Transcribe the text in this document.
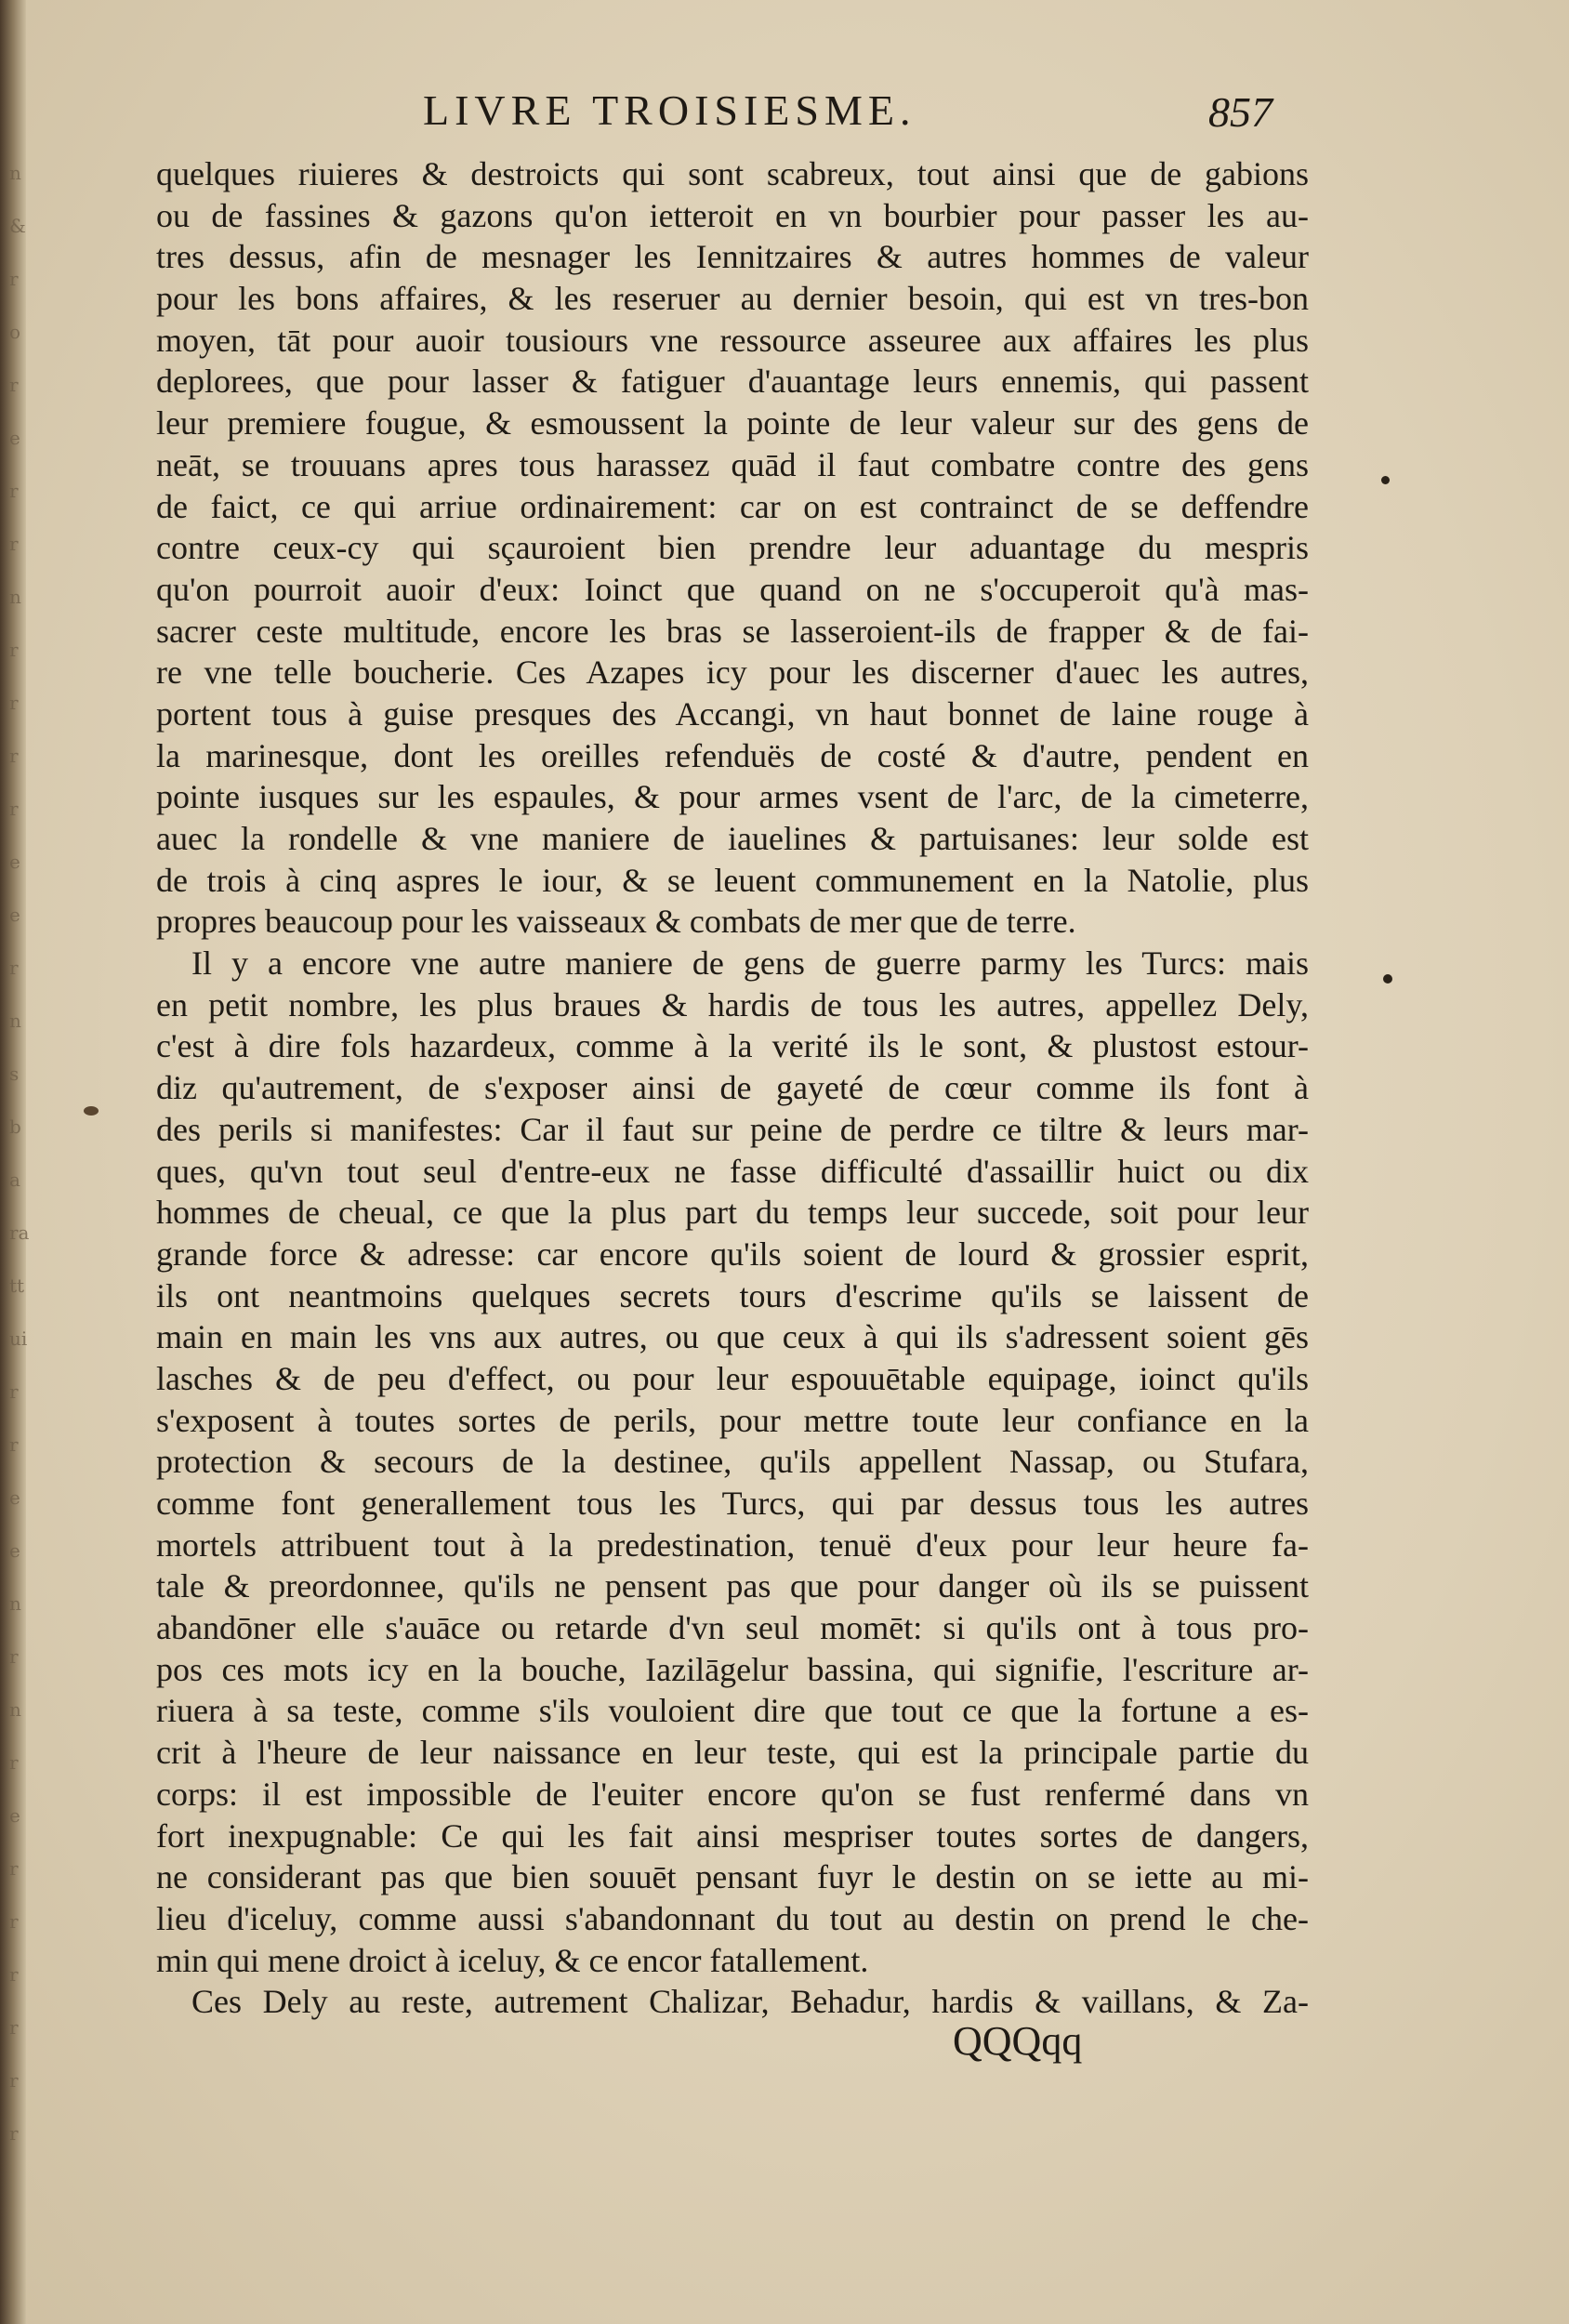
n
&
r
o
r
e
r
r
n
r
r
r
r
e
e
r
n
s
b
a
ra
tt
ui
r
r
e
e
n
r
n
r
e
r
r
r
r
r
r
LIVRE TROISIESME.	857
quelques riuieres & destroicts qui sont scabreux, tout ainsi que de gabions
ou de fassines & gazons qu'on ietteroit en vn bourbier pour passer les au-
tres dessus, afin de mesnager les Iennitzaires & autres hommes de valeur
pour les bons affaires, & les reseruer au dernier besoin, qui est vn tres-bon
moyen, tāt pour auoir tousiours vne ressource asseuree aux affaires les plus
deplorees, que pour lasser & fatiguer d'auantage leurs ennemis, qui passent
leur premiere fougue, & esmoussent la pointe de leur valeur sur des gens de
neāt, se trouuans apres tous harassez quād il faut combatre contre des gens
de faict, ce qui arriue ordinairement: car on est contrainct de se deffendre
contre ceux-cy qui sçauroient bien prendre leur aduantage du mespris
qu'on pourroit auoir d'eux: Ioinct que quand on ne s'occuperoit qu'à mas-
sacrer ceste multitude, encore les bras se lasseroient-ils de frapper & de fai-
re vne telle boucherie. Ces Azapes icy pour les discerner d'auec les autres,
portent tous à guise presques des Accangi, vn haut bonnet de laine rouge à
la marinesque, dont les oreilles refenduës de costé & d'autre, pendent en
pointe iusques sur les espaules, & pour armes vsent de l'arc, de la cimeterre,
auec la rondelle & vne maniere de iauelines & partuisanes: leur solde est
de trois à cinq aspres le iour, & se leuent communement en la Natolie, plus
propres beaucoup pour les vaisseaux & combats de mer que de terre.
Il y a encore vne autre maniere de gens de guerre parmy les Turcs: mais
en petit nombre, les plus braues & hardis de tous les autres, appellez Dely,
c'est à dire fols hazardeux, comme à la verité ils le sont, & plustost estour-
diz qu'autrement, de s'exposer ainsi de gayeté de cœur comme ils font à
des perils si manifestes: Car il faut sur peine de perdre ce tiltre & leurs mar-
ques, qu'vn tout seul d'entre-eux ne fasse difficulté d'assaillir huict ou dix
hommes de cheual, ce que la plus part du temps leur succede, soit pour leur
grande force & adresse: car encore qu'ils soient de lourd & grossier esprit,
ils ont neantmoins quelques secrets tours d'escrime qu'ils se laissent de
main en main les vns aux autres, ou que ceux à qui ils s'adressent soient gēs
lasches & de peu d'effect, ou pour leur espouuētable equipage, ioinct qu'ils
s'exposent à toutes sortes de perils, pour mettre toute leur confiance en la
protection & secours de la destinee, qu'ils appellent Nassap, ou Stufara,
comme font generallement tous les Turcs, qui par dessus tous les autres
mortels attribuent tout à la predestination, tenuë d'eux pour leur heure fa-
tale & preordonnee, qu'ils ne pensent pas que pour danger où ils se puissent
abandōner elle s'auāce ou retarde d'vn seul momēt: si qu'ils ont à tous pro-
pos ces mots icy en la bouche, Iazilāgelur bassina, qui signifie, l'escriture ar-
riuera à sa teste, comme s'ils vouloient dire que tout ce que la fortune a es-
crit à l'heure de leur naissance en leur teste, qui est la principale partie du
corps: il est impossible de l'euiter encore qu'on se fust renfermé dans vn
fort inexpugnable: Ce qui les fait ainsi mespriser toutes sortes de dangers,
ne considerant pas que bien souuēt pensant fuyr le destin on se iette au mi-
lieu d'iceluy, comme aussi s'abandonnant du tout au destin on prend le che-
min qui mene droict à iceluy, & ce encor fatallement.
Ces Dely au reste, autrement Chalizar, Behadur, hardis & vaillans, & Za-
QQQqq
